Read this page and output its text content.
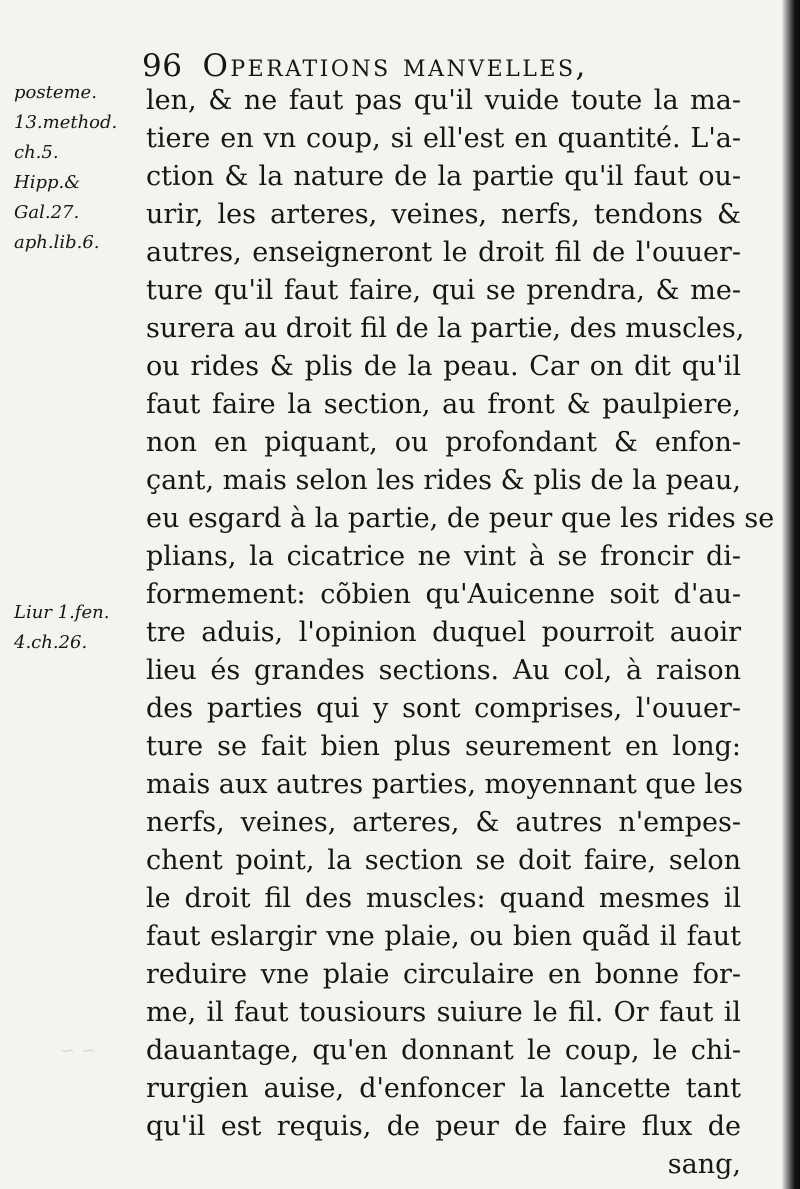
~ ~
96 Operations manvelles,
posteme.
13.method.
ch.5.
Hipp.&
Gal.27.
aph.lib.6.
Liur 1.fen.
4.ch.26.
len, & ne faut pas qu'il vuide toute la ma-
tiere en vn coup, si ell'est en quantité. L'a-
ction & la nature de la partie qu'il faut ou-
urir, les arteres, veines, nerfs, tendons &
autres, enseigneront le droit fil de l'ouuer-
ture qu'il faut faire, qui se prendra, & me-
surera au droit fil de la partie, des muscles,
ou rides & plis de la peau. Car on dit qu'il
faut faire la section, au front & paulpiere,
non en piquant, ou profondant & enfon-
çant, mais selon les rides & plis de la peau,
eu esgard à la partie, de peur que les rides se
plians, la cicatrice ne vint à se froncir di-
formement: cõbien qu'Auicenne soit d'au-
tre aduis, l'opinion duquel pourroit auoir
lieu és grandes sections. Au col, à raison
des parties qui y sont comprises, l'ouuer-
ture se fait bien plus seurement en long:
mais aux autres parties, moyennant que les
nerfs, veines, arteres, & autres n'empes-
chent point, la section se doit faire, selon
le droit fil des muscles: quand mesmes il
faut eslargir vne plaie, ou bien quãd il faut
reduire vne plaie circulaire en bonne for-
me, il faut tousiours suiure le fil. Or faut il
dauantage, qu'en donnant le coup, le chi-
rurgien auise, d'enfoncer la lancette tant
qu'il est requis, de peur de faire flux de
sang,
